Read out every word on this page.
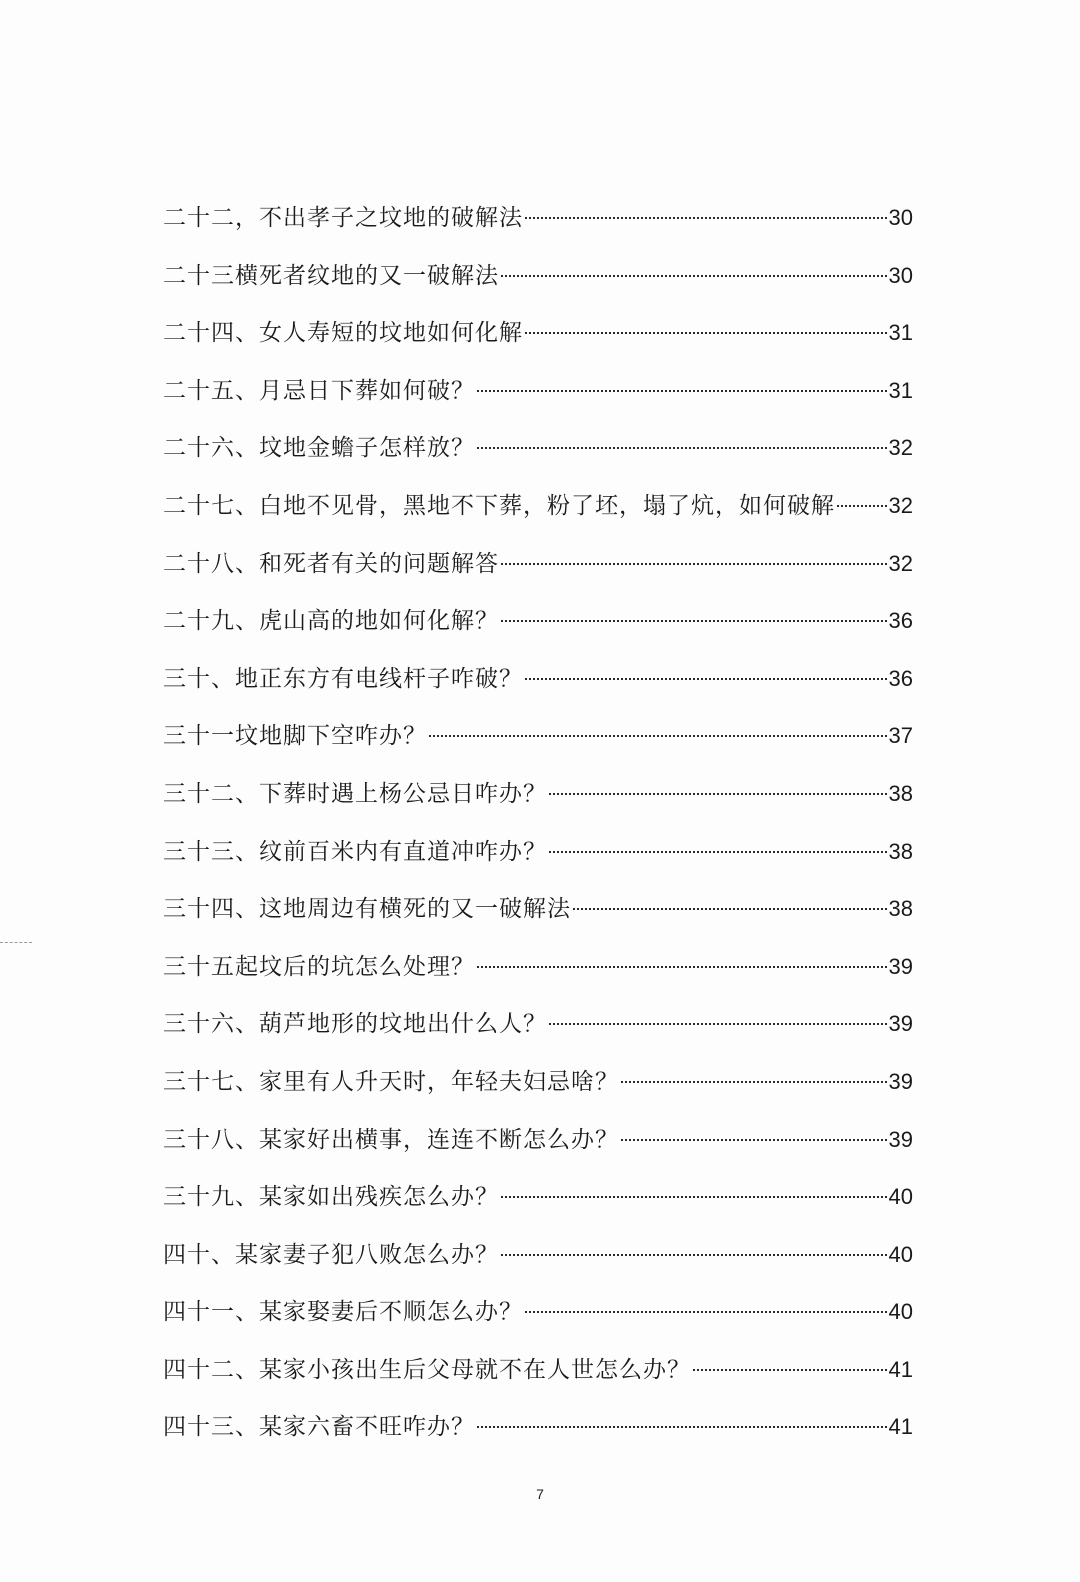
二十二，不出孝子之坟地的破解法	30
二十三横死者纹地的又一破解法	30
二十四、女人寿短的坟地如何化解	31
二十五、月忌日下葬如何破？	31
二十六、坟地金蟾子怎样放？	32
二十七、白地不见骨，黑地不下葬，粉了坯，塌了炕，如何破解 32
二十八、和死者有关的问题解答	32
二十九、虎山高的地如何化解？	36
三十、地正东方有电线杆子咋破？	36
三十一坟地脚下空咋办？	37
三十二、下葬时遇上杨公忌日咋办？	38
三十三、纹前百米内有直道冲咋办？	38
三十四、这地周边有横死的又一破解法	38
三十五起坟后的坑怎么处理？	39
三十六、葫芦地形的坟地出什么人？	39
三十七、家里有人升天时，年轻夫妇忌啥？	39
三十八、某家好出横事，连连不断怎么办？	39
三十九、某家如出残疾怎么办？	40
四十、某家妻子犯八败怎么办？	40
四十一、某家娶妻后不顺怎么办？	40
四十二、某家小孩出生后父母就不在人世怎么办？	41
四十三、某家六畜不旺咋办？	41
7
